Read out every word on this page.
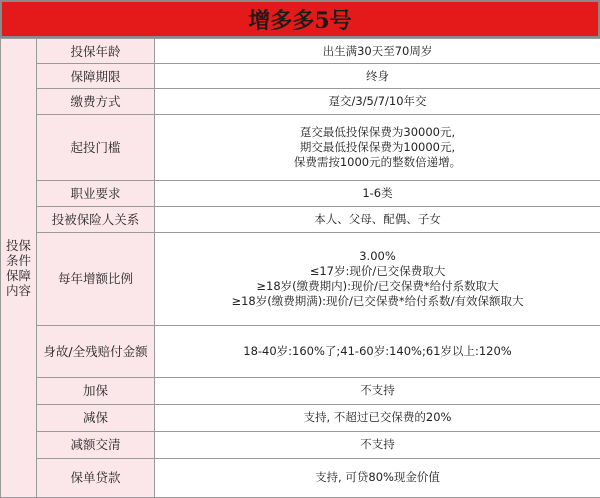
增多多5号
投保条件保障内容	投保年龄	出生满30天至70周岁

	保障期限	终身

	缴费方式	趸交/3/5/7/10年交

	起投门槛	趸交最低投保保费为30000元,
期交最低投保保费为10000元,
保费需按1000元的整数倍递增。

	职业要求	1-6类

	投被保险人关系	本人、父母、配偶、子女

	每年增额比例	3.00%
≤17岁:现价/已交保费取大
≥18岁(缴费期内):现价/已交保费*给付系数取大
≥18岁(缴费期满):现价/已交保费*给付系数/有效保额取大

	身故/全残赔付金额	18-40岁:160%了;41-60岁:140%;61岁以上:120%

	加保	不支持

	减保	支持, 不超过已交保费的20%

	减额交清	不支持

	保单贷款	支持, 可贷80%现金价值
